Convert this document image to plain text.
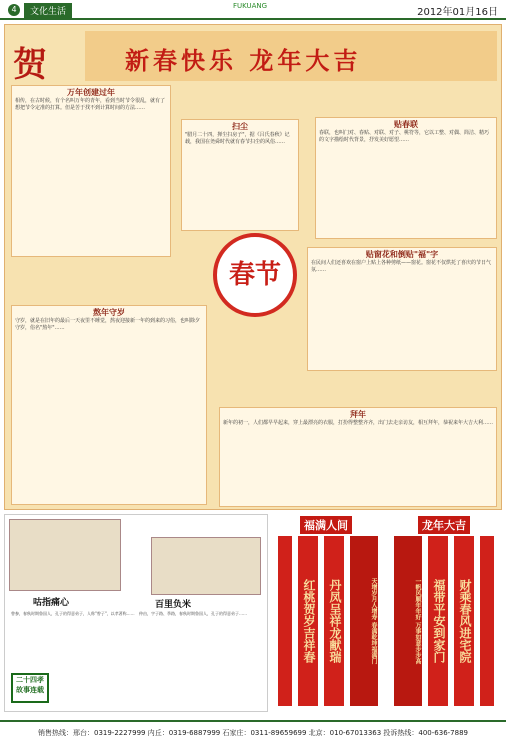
4	文化生活
FUKUANG
2012年01月16日
贺	新春快乐 龙年大吉
万年创建过年
相传，在古时候，有个名叫万年的青年，看到当时节令很乱，就有了想把节令定准的打算。但是苦于找不到计算时间的方法……
扫尘
"腊月二十四，掸尘扫房子"，据《吕氏春秋》记载，我国在尧舜时代就有春节扫尘的风俗……
贴春联
春联，也叫门对、春贴、对联、对子、桃符等，它以工整、对偶、简洁、精巧的文字描绘时代背景，抒发美好愿望……
春节
贴窗花和倒贴"福"字
在民间人们还喜欢在窗户上贴上各种剪纸——窗花。窗花不仅烘托了喜庆的节日气氛……
熬年守岁
守岁，就是在旧年的最后一天夜里不睡觉，熬夜迎接新一年的到来的习俗，也叫除夕守岁，俗名"熬年"……
拜年
新年的初一，人们都早早起来，穿上最漂亮的衣服，打扮得整整齐齐，出门去走亲访友，相互拜年，恭祝来年大吉大利……
咕指痛心	百里负米
曾参，春秋时期鲁国人，孔子的得意弟子，人称"曾子"，以孝著称…… 仲由，字子路、季路，春秋时期鲁国人，孔子的得意弟子……
二十四孝
故事连载
福满人间
红桃贺岁吉祥春	丹凤呈祥龙献瑞	天增岁月人增寿 春满乾坤福满门
龙年大吉
一帆风顺年年好 万事如意步步高 福带平安到家门	财乘春风进宅院
销售热线：邢台：0319-2227999 内丘：0319-6887999 石家庄：0311-89659699 北京：010-67013363 投诉热线：400-636-7889
